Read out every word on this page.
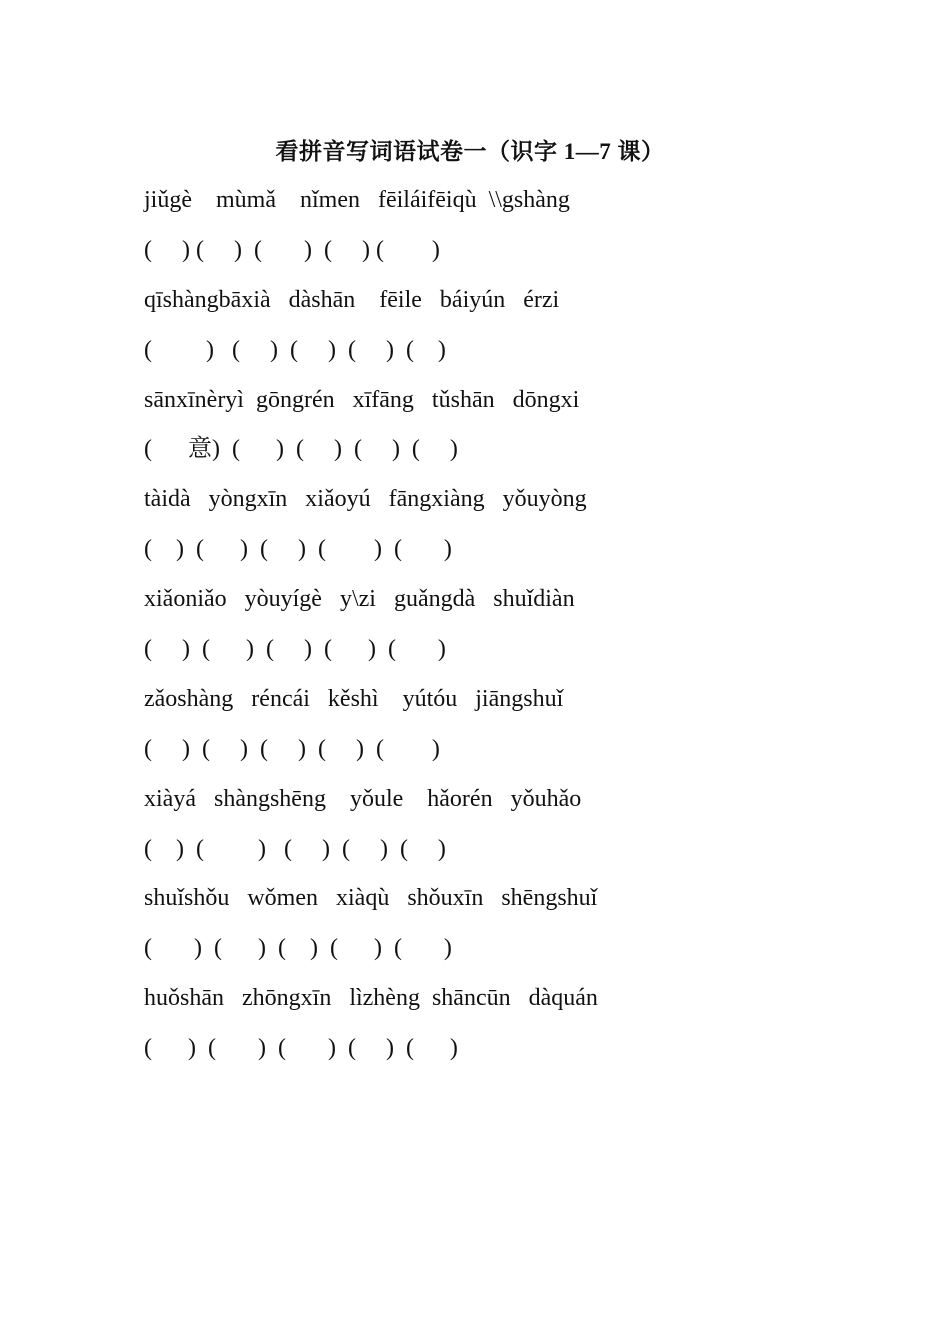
看拼音写词语试卷一（识字 1—7 课）
jiǔgè    mùmǎ    nǐmen   fēiláifēiqù  \\gshàng
(     ) (     )  (       )  (     ) (        )
qīshàngbāxià   dàshān    fēile   báiyún   érzi
(         )   (     )  (     )  (     )  (    )
sānxīnèryì  gōngrén   xīfāng   tǔshān   dōngxi
(      意)  (      )  (     )  (     )  (     )
tàidà   yòngxīn   xiǎoyú   fāngxiàng   yǒuyòng
(    )  (      )  (     )  (        )  (       )
xiǎoniǎo   yòuyígè   y\zi   guǎngdà   shuǐdiàn
(     )  (      )  (     )  (      )  (       )
zǎoshàng   réncái   kěshì    yútóu   jiāngshuǐ
(     )  (     )  (     )  (     )  (        )
xiàyá   shàngshēng    yǒule    hǎorén   yǒuhǎo
(    )  (         )   (     )  (     )  (     )
shuǐshǒu   wǒmen   xiàqù   shǒuxīn   shēngshuǐ
(       )  (      )  (    )  (      )  (       )
huǒshān   zhōngxīn   lìzhèng  shāncūn   dàquán
(      )  (       )  (       )  (     )  (      )
